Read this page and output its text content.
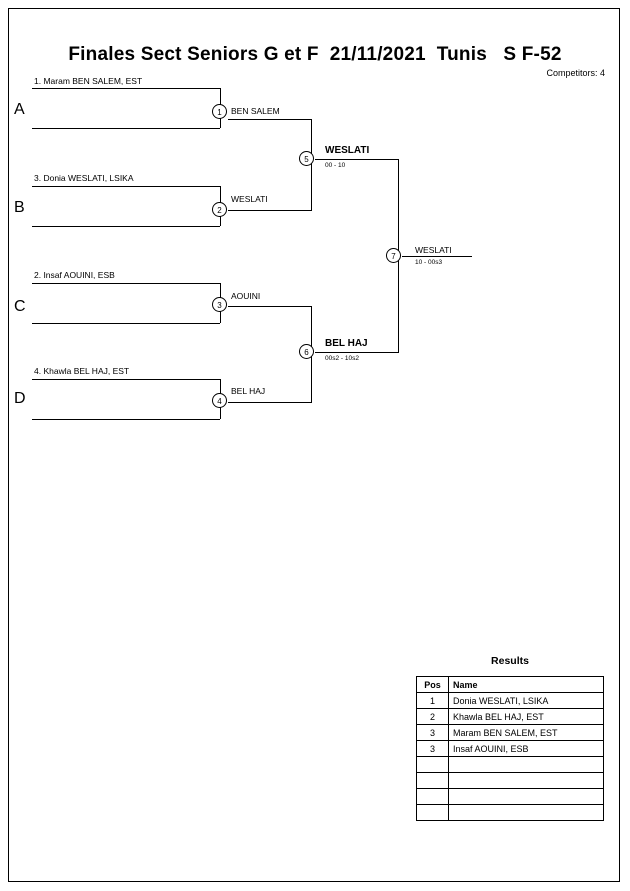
Finales Sect Seniors G et F  21/11/2021  Tunis   S F-52
Competitors: 4
A
B
C
D
1. Maram BEN SALEM, EST
3. Donia WESLATI, LSIKA
2. Insaf AOUINI, ESB
4. Khawla BEL HAJ, EST
1	BEN SALEM
2
WESLATI
3
AOUINI
4
BEL HAJ
5
WESLATI
00 - 10
6
BEL HAJ
00s2 - 10s2
7
WESLATI
10 - 00s3
Results
Pos	Name
1	Donia WESLATI, LSIKA
2	Khawla BEL HAJ, EST
3	Maram BEN SALEM, EST
3	Insaf AOUINI, ESB
